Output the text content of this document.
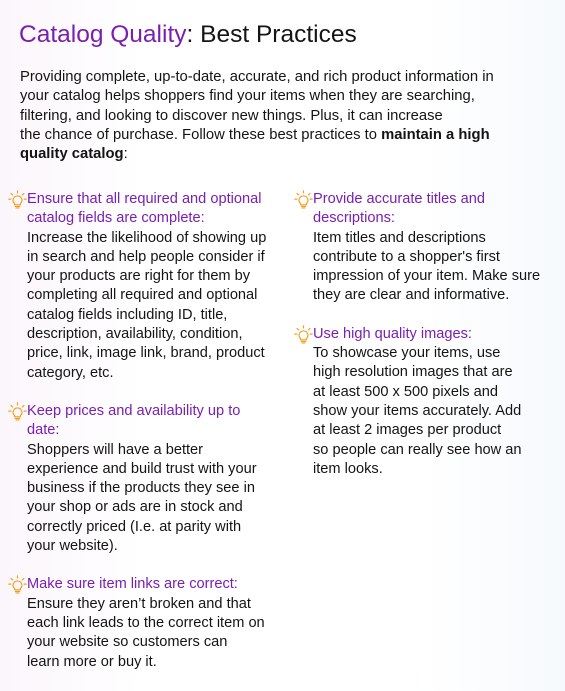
Catalog Quality: Best Practices

Providing complete, up-to-date, accurate, and rich product information in

your catalog helps shoppers find your items when they are searching,

filtering, and looking to discover new things. Plus, it can increase

the chance of purchase. Follow these best practices to maintain a high

quality catalog:

Ensure that all required and optional
catalog fields are complete:
Increase the likelihood of showing up
in search and help people consider if
your products are right for them by
completing all required and optional
catalog fields including ID, title,
description, availability, condition,
price, link, image link, brand, product
category, etc.
Keep prices and availability up to
date:
Shoppers will have a better
experience and build trust with your
business if the products they see in
your shop or ads are in stock and
correctly priced (I.e. at parity with
your website).
Make sure item links are correct:
Ensure they aren’t broken and that
each link leads to the correct item on
your website so customers can
learn more or buy it.
Provide accurate titles and
descriptions:
Item titles and descriptions
contribute to a shopper's first
impression of your item. Make sure
they are clear and informative.
Use high quality images:
To showcase your items, use
high resolution images that are
at least 500 x 500 pixels and
show your items accurately. Add
at least 2 images per product
so people can really see how an
item looks.
